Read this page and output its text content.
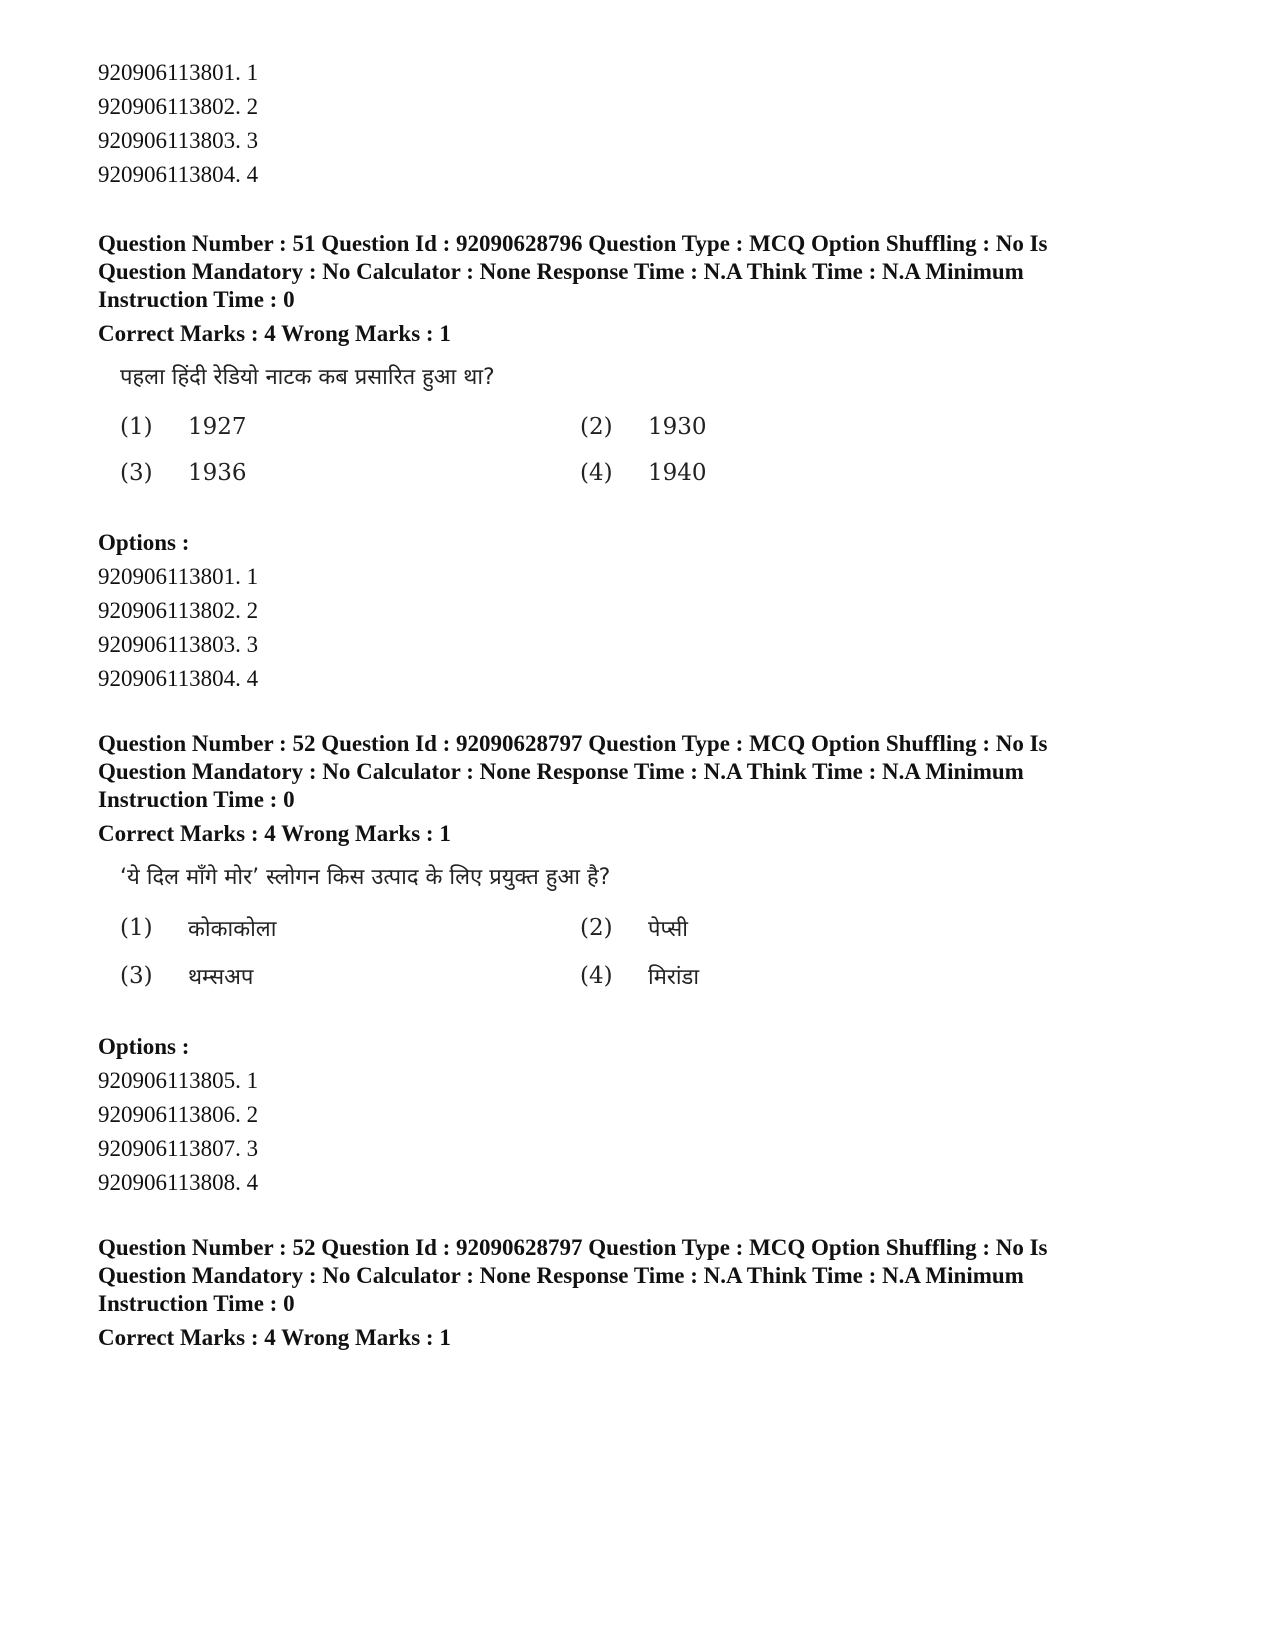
920906113801. 1
920906113802. 2
920906113803. 3
920906113804. 4
Question Number : 51 Question Id : 92090628796 Question Type : MCQ Option Shuffling : No Is
Question Mandatory : No Calculator : None Response Time : N.A Think Time : N.A Minimum
Instruction Time : 0
Correct Marks : 4 Wrong Marks : 1
पहला हिंदी रेडियो नाटक कब प्रसारित हुआ था?
(1)	1927	(2)	1930
(3)	1936	(4)	1940
Options :
920906113801. 1
920906113802. 2
920906113803. 3
920906113804. 4
Question Number : 52 Question Id : 92090628797 Question Type : MCQ Option Shuffling : No Is
Question Mandatory : No Calculator : None Response Time : N.A Think Time : N.A Minimum
Instruction Time : 0
Correct Marks : 4 Wrong Marks : 1
‘ये दिल माँगे मोर’ स्लोगन किस उत्पाद के लिए प्रयुक्त हुआ है?
(1)	कोकाकोला	(2)	पेप्सी
(3)	थम्सअप	(4)	मिरांडा
Options :
920906113805. 1
920906113806. 2
920906113807. 3
920906113808. 4
Question Number : 52 Question Id : 92090628797 Question Type : MCQ Option Shuffling : No Is
Question Mandatory : No Calculator : None Response Time : N.A Think Time : N.A Minimum
Instruction Time : 0
Correct Marks : 4 Wrong Marks : 1
